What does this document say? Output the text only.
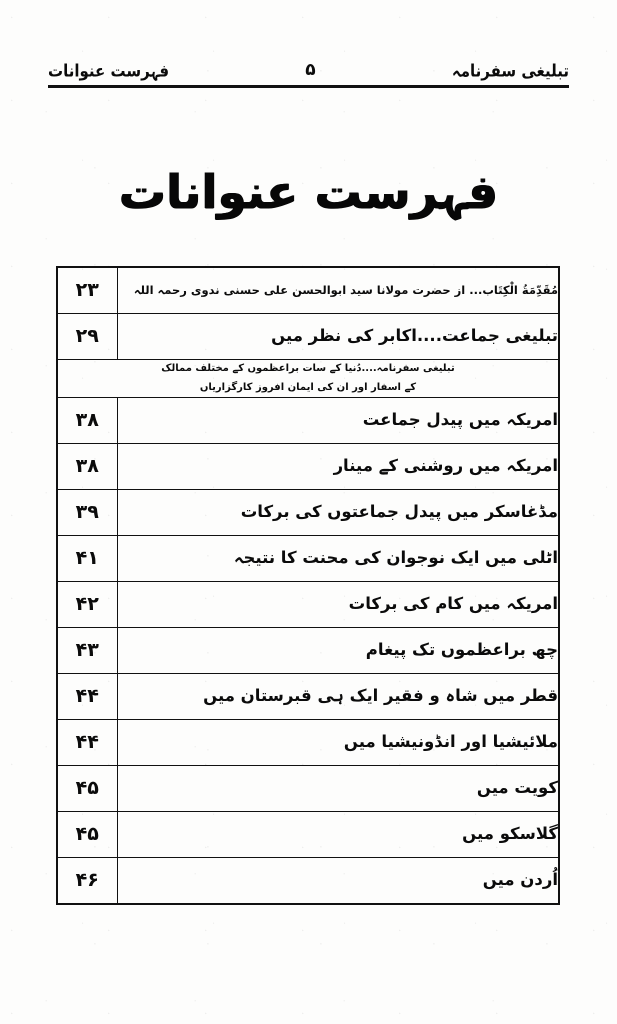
تبلیغی سفرنامہ
۵
فہرست عنوانات
فہرست عنوانات
مُقَدِّمَةُ الْکِتَاب... از حضرت مولانا سید ابوالحسن علی حسنی ندوی رحمہ اللہ	۲۳
تبلیغی جماعت....اکابر کی نظر میں	۲۹

تبلیغی سفرنامہ....دُنیا کے سات براعظموں کے مختلف ممالک
کے اسفار اور ان کی ایمان افروز کارگزاریاں	

امریکہ میں پیدل جماعت	۳۸
امریکہ میں روشنی کے مینار	۳۸
مڈغاسکر میں پیدل جماعتوں کی برکات	۳۹
اٹلی میں ایک نوجوان کی محنت کا نتیجہ	۴۱
امریکہ میں کام کی برکات	۴۲
چھ براعظموں تک پیغام	۴۳
قطر میں شاہ و فقیر ایک ہی قبرستان میں	۴۴
ملائیشیا اور انڈونیشیا میں	۴۴
کویت میں	۴۵
گلاسکو میں	۴۵
اُردن میں	۴۶
